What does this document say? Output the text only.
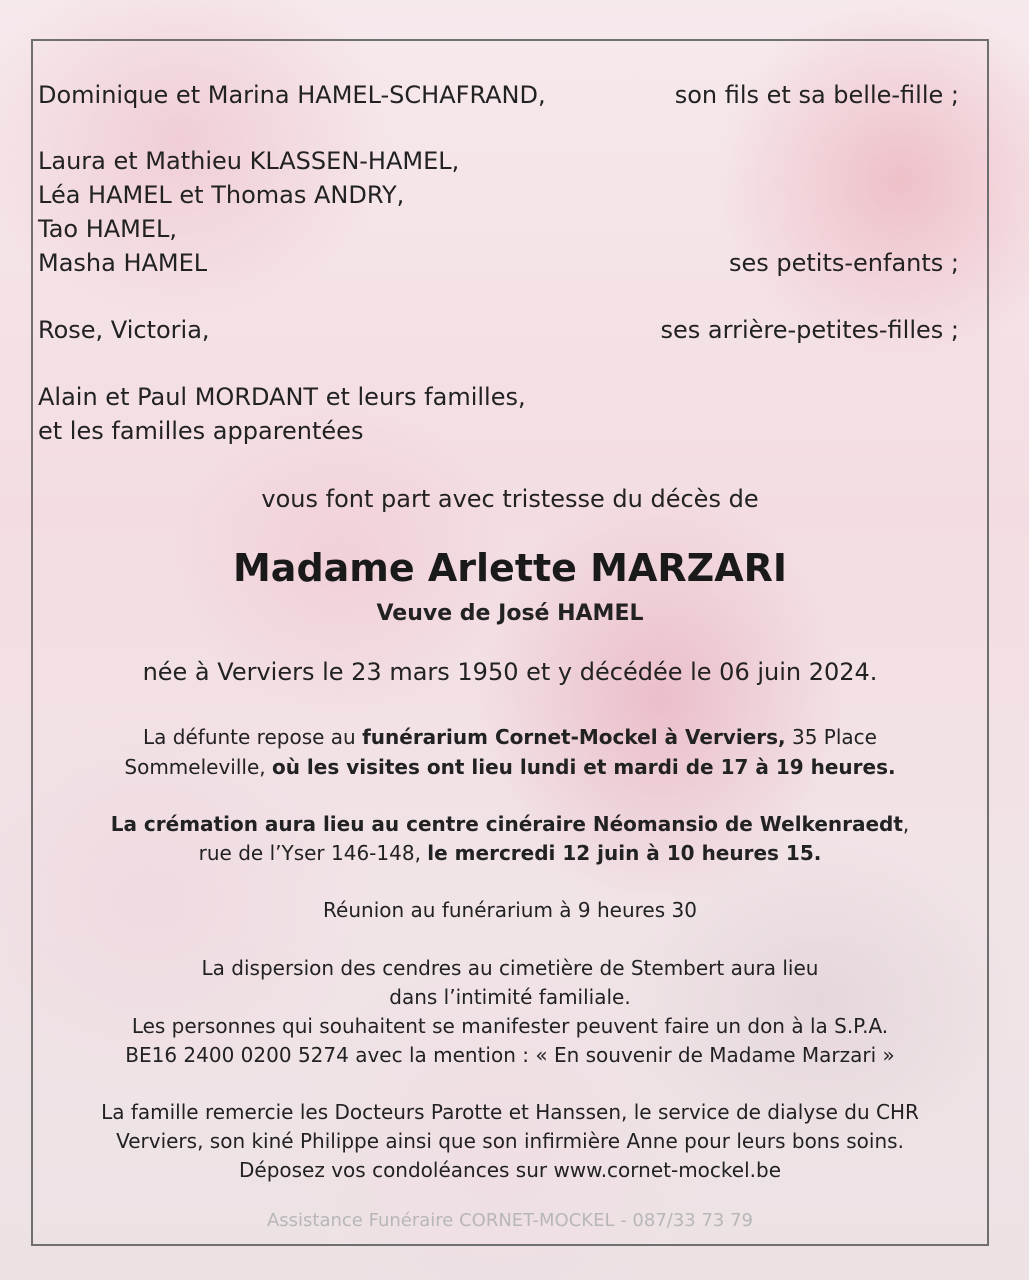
Dominique et Marina HAMEL-SCHAFRAND,	son fils et sa belle-fille ;
Laura et Mathieu KLASSEN-HAMEL,
Léa HAMEL et Thomas ANDRY,
Tao HAMEL,
Masha HAMEL	ses petits-enfants ;
Rose, Victoria,	ses arrière-petites-filles ;
Alain et Paul MORDANT et leurs familles,
et les familles apparentées
vous font part avec tristesse du décès de
Madame Arlette MARZARI
Veuve de José HAMEL
née à Verviers le 23 mars 1950 et y décédée le 06 juin 2024.
La défunte repose au funérarium Cornet-Mockel à Verviers, 35 Place
Sommeleville, où les visites ont lieu lundi et mardi de 17 à 19 heures.
La crémation aura lieu au centre cinéraire Néomansio de Welkenraedt,
rue de l’Yser 146-148, le mercredi 12 juin à 10 heures 15.
Réunion au funérarium à 9 heures 30
La dispersion des cendres au cimetière de Stembert aura lieu
dans l’intimité familiale.
Les personnes qui souhaitent se manifester peuvent faire un don à la S.P.A.
BE16 2400 0200 5274 avec la mention : « En souvenir de Madame Marzari »
La famille remercie les Docteurs Parotte et Hanssen, le service de dialyse du CHR
Verviers, son kiné Philippe ainsi que son infirmière Anne pour leurs bons soins.
Déposez vos condoléances sur www.cornet-mockel.be
Assistance Funéraire CORNET-MOCKEL - 087/33 73 79
